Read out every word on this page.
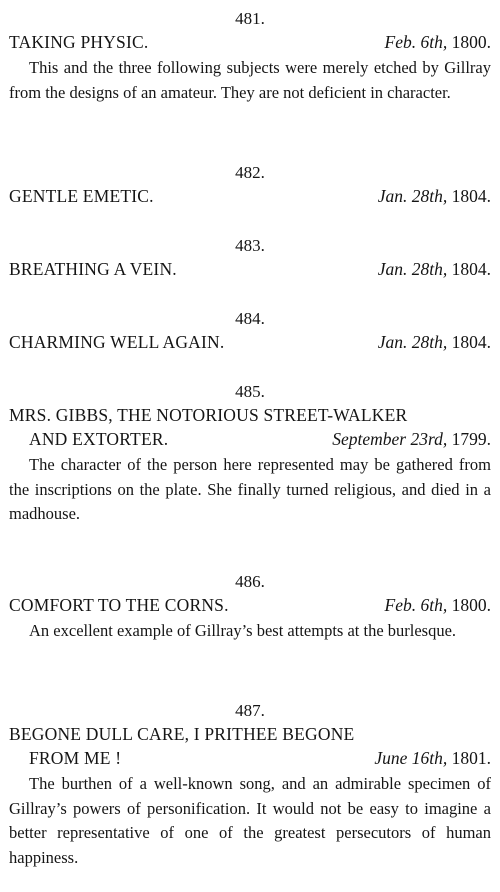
481.
TAKING PHYSIC.	Feb. 6th, 1800.
This and the three following subjects were merely etched by Gillray from the designs of an amateur. They are not deficient in character.
482.
GENTLE EMETIC.	Jan. 28th, 1804.
483.
BREATHING A VEIN.	Jan. 28th, 1804.
484.
CHARMING WELL AGAIN.	Jan. 28th, 1804.
485.
MRS. GIBBS, THE NOTORIOUS STREET-WALKER
AND EXTORTER.	September 23rd, 1799.
The character of the person here represented may be gathered from the inscriptions on the plate. She finally turned religious, and died in a madhouse.
486.
COMFORT TO THE CORNS.	Feb. 6th, 1800.
An excellent example of Gillray’s best attempts at the burlesque.
487.
BEGONE DULL CARE, I PRITHEE BEGONE
FROM ME !	June 16th, 1801.
The burthen of a well-known song, and an admirable specimen of Gillray’s powers of personification. It would not be easy to imagine a better representative of one of the greatest persecutors of human happiness.
